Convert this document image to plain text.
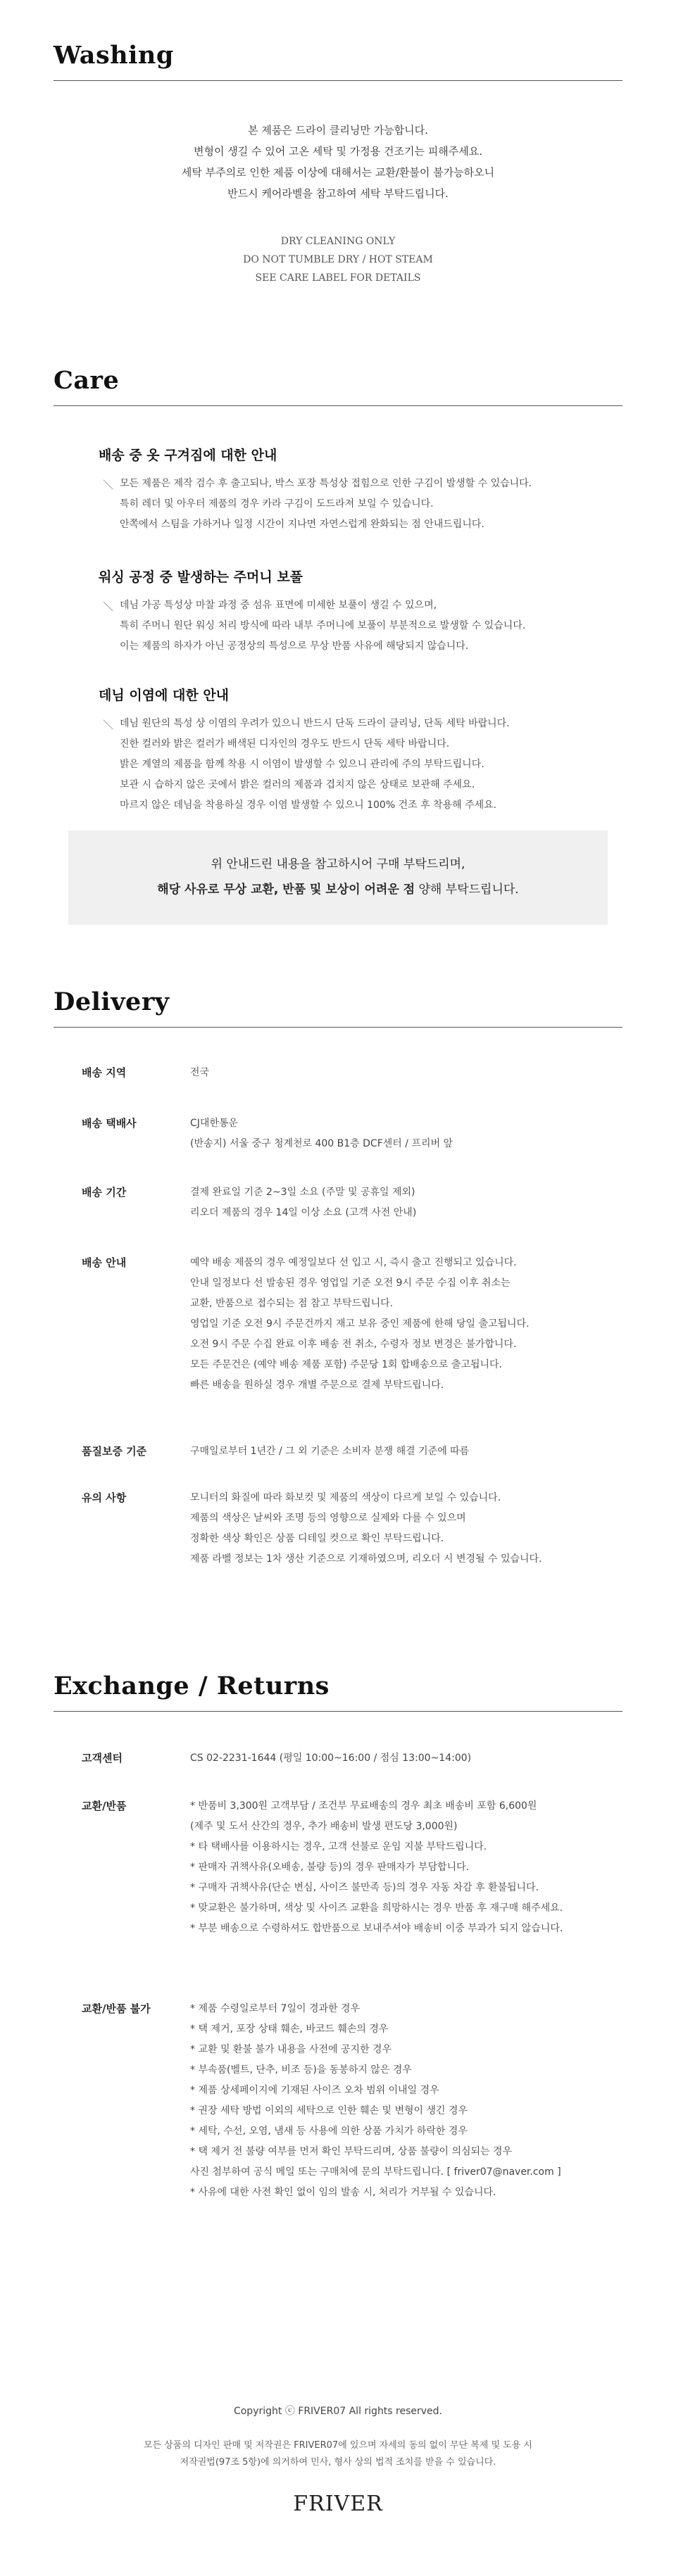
Washing
본 제품은 드라이 클리닝만 가능합니다.
변형이 생길 수 있어 고온 세탁 및 가정용 건조기는 피해주세요.
세탁 부주의로 인한 제품 이상에 대해서는 교환/환불이 불가능하오니
반드시 케어라벨을 참고하여 세탁 부탁드립니다.
DRY CLEANING ONLY
DO NOT TUMBLE DRY / HOT STEAM
SEE CARE LABEL FOR DETAILS
Care
배송 중 옷 구겨짐에 대한 안내
＼ 모든 제품은 제작 검수 후 출고되나, 박스 포장 특성상 접힘으로 인한 구김이 발생할 수 있습니다.
특히 레더 및 아우터 제품의 경우 카라 구김이 도드라져 보일 수 있습니다.
안쪽에서 스팀을 가하거나 일정 시간이 지나면 자연스럽게 완화되는 점 안내드립니다.
워싱 공정 중 발생하는 주머니 보풀
＼ 데님 가공 특성상 마찰 과정 중 섬유 표면에 미세한 보풀이 생길 수 있으며,
특히 주머니 원단 워싱 처리 방식에 따라 내부 주머니에 보풀이 부분적으로 발생할 수 있습니다.
이는 제품의 하자가 아닌 공정상의 특성으로 무상 반품 사유에 해당되지 않습니다.
데님 이염에 대한 안내
＼ 데님 원단의 특성 상 이염의 우려가 있으니 반드시 단독 드라이 클리닝, 단독 세탁 바랍니다.
진한 컬러와 밝은 컬러가 배색된 디자인의 경우도 반드시 단독 세탁 바랍니다.
밝은 계열의 제품을 함께 착용 시 이염이 발생할 수 있으니 관리에 주의 부탁드립니다.
보관 시 습하지 않은 곳에서 밝은 컬러의 제품과 겹치지 않은 상태로 보관해 주세요.
마르지 않은 데님을 착용하실 경우 이염 발생할 수 있으니 100% 건조 후 착용해 주세요.
위 안내드린 내용을 참고하시어 구매 부탁드리며,
해당 사유로 무상 교환, 반품 및 보상이 어려운 점 양해 부탁드립니다.
Delivery
배송 지역	전국
배송 택배사	CJ대한통운
(반송지) 서울 중구 청계천로 400 B1층 DCF센터 / 프리버 앞
배송 기간	결제 완료일 기준 2~3일 소요 (주말 및 공휴일 제외)
리오더 제품의 경우 14일 이상 소요 (고객 사전 안내)
배송 안내	예약 배송 제품의 경우 예정일보다 선 입고 시, 즉시 출고 진행되고 있습니다.
안내 일정보다 선 발송된 경우 영업일 기준 오전 9시 주문 수집 이후 취소는
교환, 반품으로 접수되는 점 참고 부탁드립니다.
영업일 기준 오전 9시 주문건까지 재고 보유 중인 제품에 한해 당일 출고됩니다.
오전 9시 주문 수집 완료 이후 배송 전 취소, 수령자 정보 변경은 불가합니다.
모든 주문건은 (예약 배송 제품 포함) 주문당 1회 합배송으로 출고됩니다.
빠른 배송을 원하실 경우 개별 주문으로 결제 부탁드립니다.
품질보증 기준	구매일로부터 1년간 / 그 외 기준은 소비자 분쟁 해결 기준에 따름
유의 사항	모니터의 화질에 따라 화보컷 및 제품의 색상이 다르게 보일 수 있습니다.
제품의 색상은 날씨와 조명 등의 영향으로 실제와 다를 수 있으며
정확한 색상 확인은 상품 디테일 컷으로 확인 부탁드립니다.
제품 라벨 정보는 1차 생산 기준으로 기재하였으며, 리오더 시 변경될 수 있습니다.
Exchange / Returns
고객센터	CS 02-2231-1644 (평일 10:00~16:00 / 점심 13:00~14:00)
교환/반품	* 반품비 3,300원 고객부담 / 조건부 무료배송의 경우 최초 배송비 포함 6,600원
(제주 및 도서 산간의 경우, 추가 배송비 발생 편도당 3,000원)
* 타 택배사를 이용하시는 경우, 고객 선불로 운임 지불 부탁드립니다.
* 판매자 귀책사유(오배송, 불량 등)의 경우 판매자가 부담합니다.
* 구매자 귀책사유(단순 변심, 사이즈 불만족 등)의 경우 자동 차감 후 환불됩니다.
* 맞교환은 불가하며, 색상 및 사이즈 교환을 희망하시는 경우 반품 후 재구매 해주세요.
* 부분 배송으로 수령하셔도 합반품으로 보내주셔야 배송비 이중 부과가 되지 않습니다.
교환/반품 불가	* 제품 수령일로부터 7일이 경과한 경우
* 택 제거, 포장 상태 훼손, 바코드 훼손의 경우
* 교환 및 환불 불가 내용을 사전에 공지한 경우
* 부속품(벨트, 단추, 비조 등)을 동봉하지 않은 경우
* 제품 상세페이지에 기재된 사이즈 오차 범위 이내일 경우
* 권장 세탁 방법 이외의 세탁으로 인한 훼손 및 변형이 생긴 경우
* 세탁, 수선, 오염, 냄새 등 사용에 의한 상품 가치가 하락한 경우
* 택 제거 전 불량 여부를 먼저 확인 부탁드리며, 상품 불량이 의심되는 경우
사진 첨부하여 공식 메일 또는 구매처에 문의 부탁드립니다. [ friver07@naver.com ]
* 사유에 대한 사전 확인 없이 임의 발송 시, 처리가 거부될 수 있습니다.
Copyright ⓒ FRIVER07 All rights reserved.
모든 상품의 디자인 판매 및 저작권은 FRIVER07에 있으며 자세의 동의 없이 무단 복제 및 도용 시
저작권법(97조 5항)에 의거하여 민사, 형사 상의 법적 조치를 받을 수 있습니다.
FRIVER
